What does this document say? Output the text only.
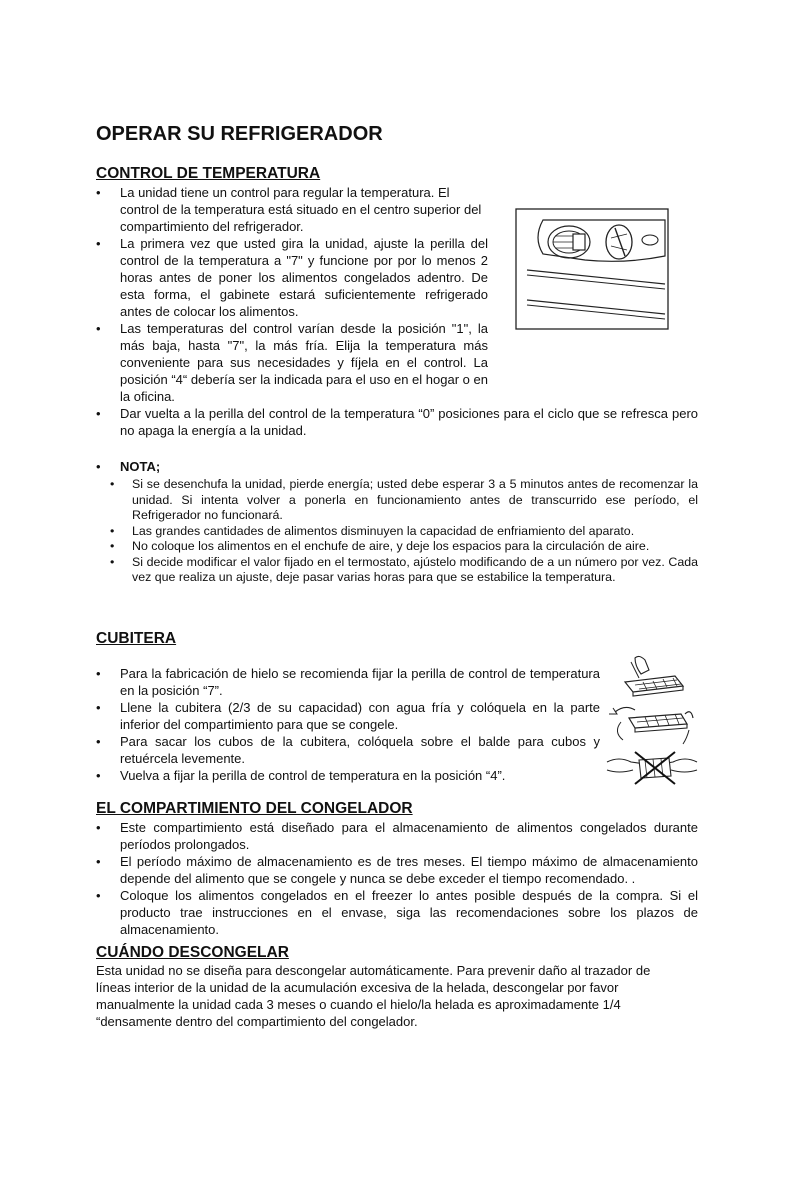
OPERAR SU REFRIGERADOR
CONTROL DE TEMPERATURA
• La unidad tiene un control para regular la temperatura. El control de la temperatura está situado en el centro superior del compartimiento del refrigerador.
• La primera vez que usted gira la unidad, ajuste la perilla del control de la temperatura a "7" y funcione por por lo menos 2 horas antes de poner los alimentos congelados adentro. De esta forma, el gabinete estará suficientemente refrigerado antes de colocar los alimentos.
• Las temperaturas del control varían desde la posición "1", la más baja, hasta "7", la más fría. Elija la temperatura más conveniente para sus necesidades y fíjela en el control. La posición “4“ debería ser la indicada para el uso en el hogar o en la oficina.
• Dar vuelta a la perilla del control de la temperatura “0” posiciones para el ciclo que se refresca pero no apaga la energía a la unidad.
• NOTA;
• Si se desenchufa la unidad, pierde energía; usted debe esperar 3 a 5 minutos antes de recomenzar la unidad. Si intenta volver a ponerla en funcionamiento antes de transcurrido ese período, el Refrigerador no funcionará.
• Las grandes cantidades de alimentos disminuyen la capacidad de enfriamiento del aparato.
• No coloque los alimentos en el enchufe de aire, y deje los espacios para la circulación de aire.
• Si decide modificar el valor fijado en el termostato, ajústelo modificando de a un número por vez. Cada vez que realiza un ajuste, deje pasar varias horas para que se estabilice la temperatura.
CUBITERA
• Para la fabricación de hielo se recomienda fijar la perilla de control de temperatura en la posición “7”.
• Llene la cubitera (2/3 de su capacidad) con agua fría y colóquela en la parte inferior del compartimiento para que se congele.
• Para sacar los cubos de la cubitera, colóquela sobre el balde para cubos y retuércela levemente.
• Vuelva a fijar la perilla de control de temperatura en la posición “4”.
EL COMPARTIMIENTO DEL CONGELADOR
• Este compartimiento está diseñado para el almacenamiento de alimentos congelados durante períodos prolongados.
• El período máximo de almacenamiento es de tres meses. El tiempo máximo de almacenamiento depende del alimento que se congele y nunca se debe exceder el tiempo recomendado. .
• Coloque los alimentos congelados en el freezer lo antes posible después de la compra. Si el producto trae instrucciones en el envase, siga las recomendaciones sobre los plazos de almacenamiento.
CUÁNDO DESCONGELAR

Esta unidad no se diseña para descongelar automáticamente. Para prevenir daño al trazador de líneas interior de la unidad de la acumulación excesiva de la helada, descongelar por favor manualmente la unidad cada 3 meses o cuando el hielo/la helada es aproximadamente 1/4 “densamente dentro del compartimiento del congelador.
